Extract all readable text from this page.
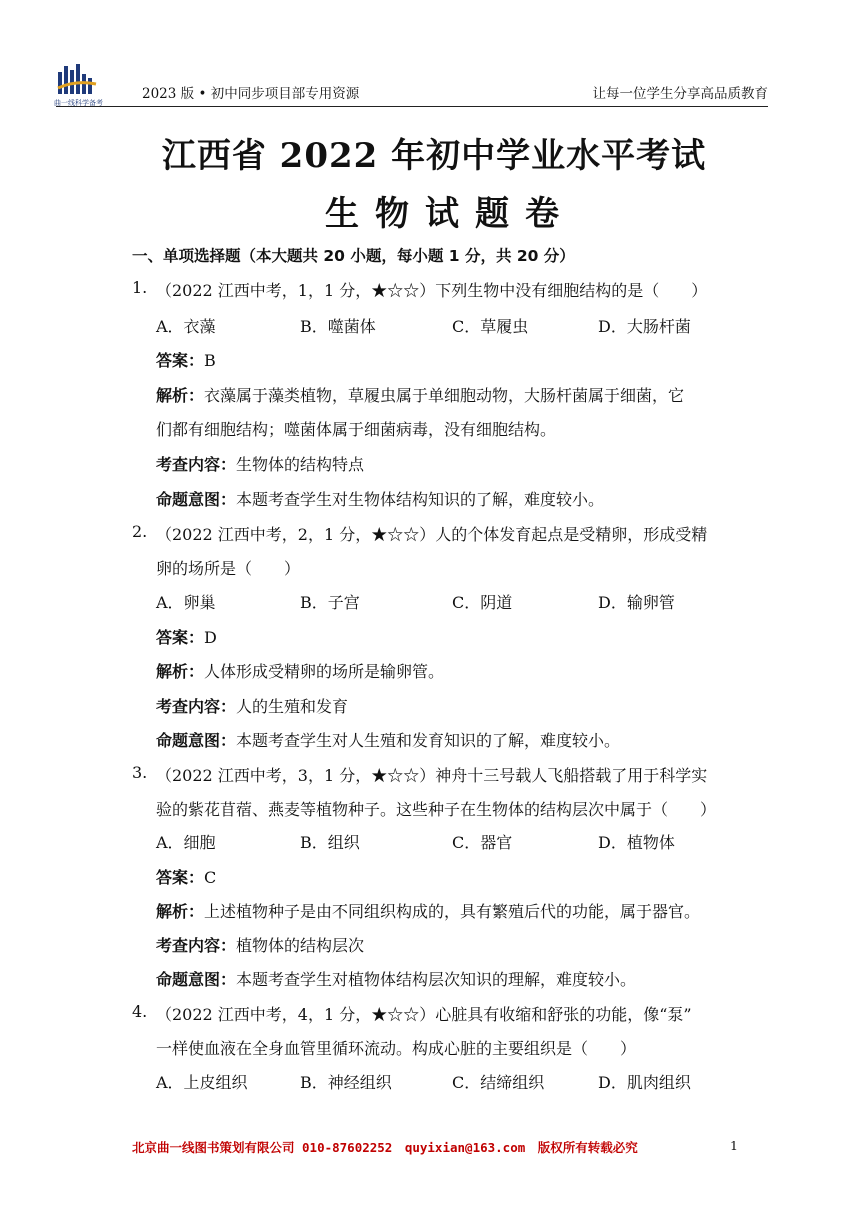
曲一线科学备考
2023 版 • 初中同步项目部专用资源	让每一位学生分享高品质教育
江西省 2022 年初中学业水平考试
生物试题卷
一、单项选择题（本大题共 20 小题，每小题 1 分，共 20 分）
1. （2022 江西中考，1，1 分，★☆☆）下列生物中没有细胞结构的是（　　）
A．衣藻	B．噬菌体	C．草履虫	D．大肠杆菌
答案：B
解析：衣藻属于藻类植物，草履虫属于单细胞动物，大肠杆菌属于细菌，它
们都有细胞结构；噬菌体属于细菌病毒，没有细胞结构。
考查内容：生物体的结构特点
命题意图：本题考查学生对生物体结构知识的了解，难度较小。
2. （2022 江西中考，2，1 分，★☆☆）人的个体发育起点是受精卵，形成受精
卵的场所是（　　）
A．卵巢	B．子宫	C．阴道	D．输卵管
答案：D
解析：人体形成受精卵的场所是输卵管。
考查内容：人的生殖和发育
命题意图：本题考查学生对人生殖和发育知识的了解，难度较小。
3. （2022 江西中考，3，1 分，★☆☆）神舟十三号载人飞船搭载了用于科学实
验的紫花苜蓿、燕麦等植物种子。这些种子在生物体的结构层次中属于（　　）
A．细胞	B．组织	C．器官	D．植物体
答案：C
解析：上述植物种子是由不同组织构成的，具有繁殖后代的功能，属于器官。
考查内容：植物体的结构层次
命题意图：本题考查学生对植物体结构层次知识的理解，难度较小。
4. （2022 江西中考，4，1 分，★☆☆）心脏具有收缩和舒张的功能，像“泵”
一样使血液在全身血管里循环流动。构成心脏的主要组织是（　　）
A．上皮组织	B．神经组织	C．结缔组织	D．肌肉组织
北京曲一线图书策划有限公司 010-87602252　quyixian@163.com　版权所有转载必究	1
